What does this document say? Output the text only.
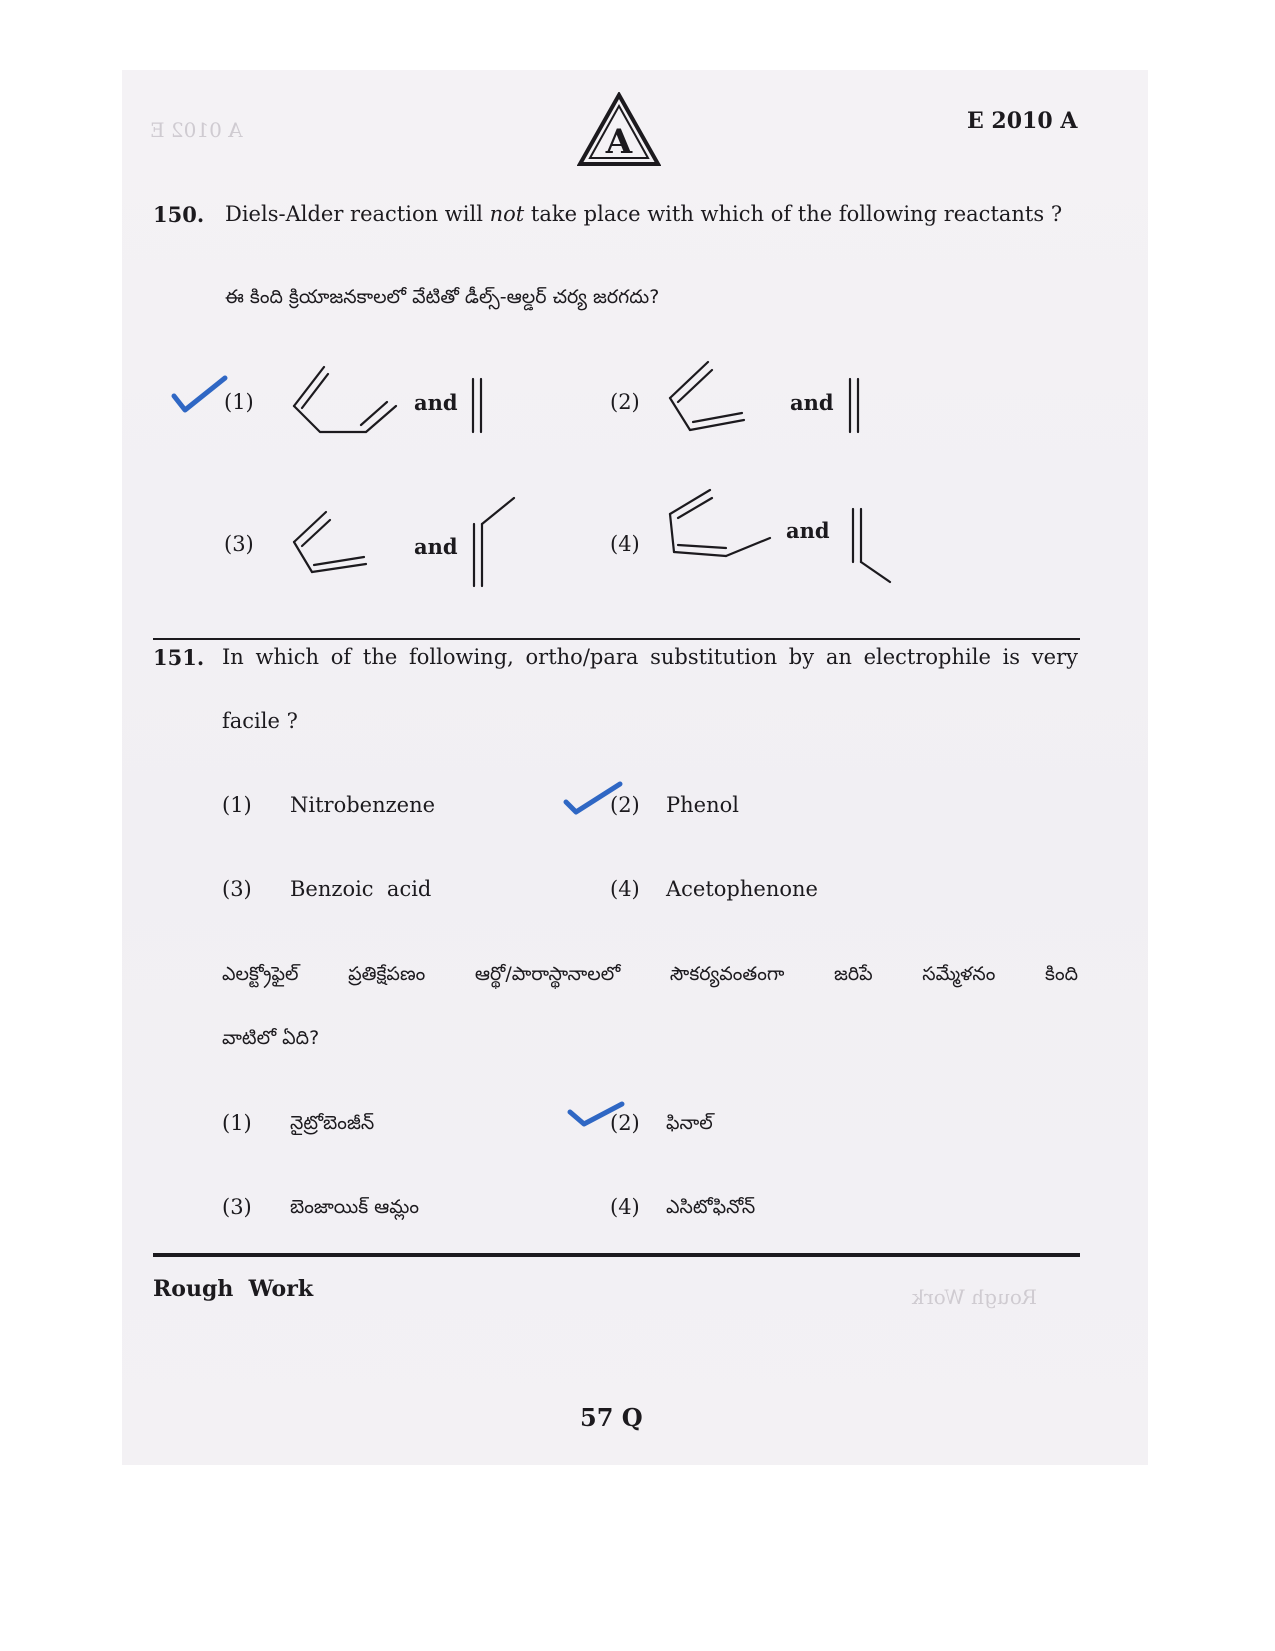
A 0102 E
Rough Work
A
E 2010 A
150. Diels-Alder reaction will not take place with which of the following reactants ?
ఈ కింది క్రియాజనకాలలో వేటితో డీల్స్-ఆల్డర్ చర్య జరగదు?
(1)	and	(2)	and
(3)	and	(4)
and
151. In which of the following, ortho/para substitution by an electrophile is very
facile ?
(1) Nitrobenzene	(2) Phenol
(3) Benzoic  acid	(4) Acetophenone
ఎలక్ట్రోఫైల్ ప్రతిక్షేపణం ఆర్థో/పారాస్థానాలలో సౌకర్యవంతంగా జరిపే సమ్మేళనం కింది
వాటిలో ఏది?
(1) నైట్రోబెంజీన్	(2) ఫినాల్
(3) బెంజాయిక్ ఆమ్లం	(4) ఎసిటోఫినోన్
Rough  Work
57 Q
